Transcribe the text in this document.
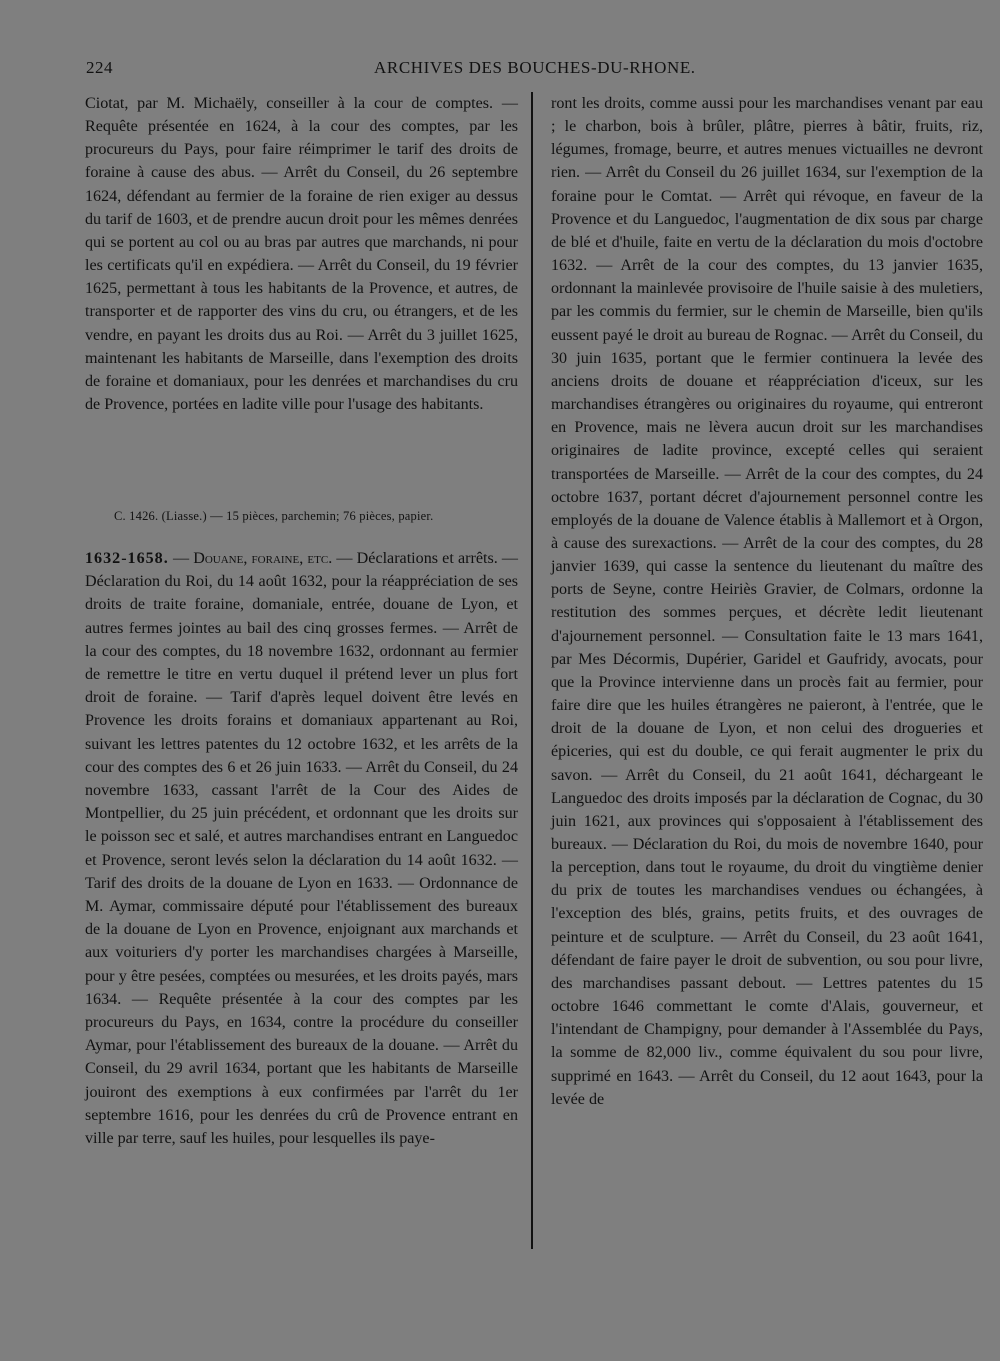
224	ARCHIVES DES BOUCHES-DU-RHONE.

Ciotat, par M. Michaëly, conseiller à la cour de comptes. — Requête présentée en 1624, à la cour des comptes, par les procureurs du Pays, pour faire réimprimer le tarif des droits de foraine à cause des abus. — Arrêt du Conseil, du 26 septembre 1624, défendant au fermier de la foraine de rien exiger au dessus du tarif de 1603, et de prendre aucun droit pour les mêmes denrées qui se portent au col ou au bras par autres que marchands, ni pour les certificats qu'il en expédiera. — Arrêt du Conseil, du 19 février 1625, permettant à tous les habitants de la Provence, et autres, de transporter et de rapporter des vins du cru, ou étrangers, et de les vendre, en payant les droits dus au Roi. — Arrêt du 3 juillet 1625, maintenant les habitants de Marseille, dans l'exemption des droits de foraine et domaniaux, pour les denrées et marchandises du cru de Provence, portées en ladite ville pour l'usage des habitants.

C. 1426. (Liasse.) — 15 pièces, parchemin; 76 pièces, papier.
1632-1658. — Douane, foraine, etc. — Déclarations et arrêts. — Déclaration du Roi, du 14 août 1632, pour la réappréciation de ses droits de traite foraine, domaniale, entrée, douane de Lyon, et autres fermes jointes au bail des cinq grosses fermes. — Arrêt de la cour des comptes, du 18 novembre 1632, ordonnant au fermier de remettre le titre en vertu duquel il prétend lever un plus fort droit de foraine. — Tarif d'après lequel doivent être levés en Provence les droits forains et domaniaux appartenant au Roi, suivant les lettres patentes du 12 octobre 1632, et les arrêts de la cour des comptes des 6 et 26 juin 1633. — Arrêt du Conseil, du 24 novembre 1633, cassant l'arrêt de la Cour des Aides de Montpellier, du 25 juin précédent, et ordonnant que les droits sur le poisson sec et salé, et autres marchandises entrant en Languedoc et Provence, seront levés selon la déclaration du 14 août 1632. — Tarif des droits de la douane de Lyon en 1633. — Ordonnance de M. Aymar, commissaire député pour l'établissement des bureaux de la douane de Lyon en Provence, enjoignant aux marchands et aux voituriers d'y porter les marchandises chargées à Marseille, pour y être pesées, comptées ou mesurées, et les droits payés, mars 1634. — Requête présentée à la cour des comptes par les procureurs du Pays, en 1634, contre la procédure du conseiller Aymar, pour l'établissement des bureaux de la douane. — Arrêt du Conseil, du 29 avril 1634, portant que les habitants de Marseille jouiront des exemptions à eux confirmées par l'arrêt du 1er septembre 1616, pour les denrées du crû de Provence entrant en ville par terre, sauf les huiles, pour lesquelles ils paye-

ront les droits, comme aussi pour les marchandises venant par eau ; le charbon, bois à brûler, plâtre, pierres à bâtir, fruits, riz, légumes, fromage, beurre, et autres menues victuailles ne devront rien. — Arrêt du Conseil du 26 juillet 1634, sur l'exemption de la foraine pour le Comtat. — Arrêt qui révoque, en faveur de la Provence et du Languedoc, l'augmentation de dix sous par charge de blé et d'huile, faite en vertu de la déclaration du mois d'octobre 1632. — Arrêt de la cour des comptes, du 13 janvier 1635, ordonnant la mainlevée provisoire de l'huile saisie à des muletiers, par les commis du fermier, sur le chemin de Marseille, bien qu'ils eussent payé le droit au bureau de Rognac. — Arrêt du Conseil, du 30 juin 1635, portant que le fermier continuera la levée des anciens droits de douane et réappréciation d'iceux, sur les marchandises étrangères ou originaires du royaume, qui entreront en Provence, mais ne lèvera aucun droit sur les marchandises originaires de ladite province, excepté celles qui seraient transportées de Marseille. — Arrêt de la cour des comptes, du 24 octobre 1637, portant décret d'ajournement personnel contre les employés de la douane de Valence établis à Mallemort et à Orgon, à cause des surexactions. — Arrêt de la cour des comptes, du 28 janvier 1639, qui casse la sentence du lieutenant du maître des ports de Seyne, contre Heiriès Gravier, de Colmars, ordonne la restitution des sommes perçues, et décrète ledit lieutenant d'ajournement personnel. — Consultation faite le 13 mars 1641, par Mes Décormis, Dupérier, Garidel et Gaufridy, avocats, pour que la Province intervienne dans un procès fait au fermier, pour faire dire que les huiles étrangères ne paieront, à l'entrée, que le droit de la douane de Lyon, et non celui des drogueries et épiceries, qui est du double, ce qui ferait augmenter le prix du savon. — Arrêt du Conseil, du 21 août 1641, déchargeant le Languedoc des droits imposés par la déclaration de Cognac, du 30 juin 1621, aux provinces qui s'opposaient à l'établissement des bureaux. — Déclaration du Roi, du mois de novembre 1640, pour la perception, dans tout le royaume, du droit du vingtième denier du prix de toutes les marchandises vendues ou échangées, à l'exception des blés, grains, petits fruits, et des ouvrages de peinture et de sculpture. — Arrêt du Conseil, du 23 août 1641, défendant de faire payer le droit de subvention, ou sou pour livre, des marchandises passant debout. — Lettres patentes du 15 octobre 1646 commettant le comte d'Alais, gouverneur, et l'intendant de Champigny, pour demander à l'Assemblée du Pays, la somme de 82,000 liv., comme équivalent du sou pour livre, supprimé en 1643. — Arrêt du Conseil, du 12 aout 1643, pour la levée de
